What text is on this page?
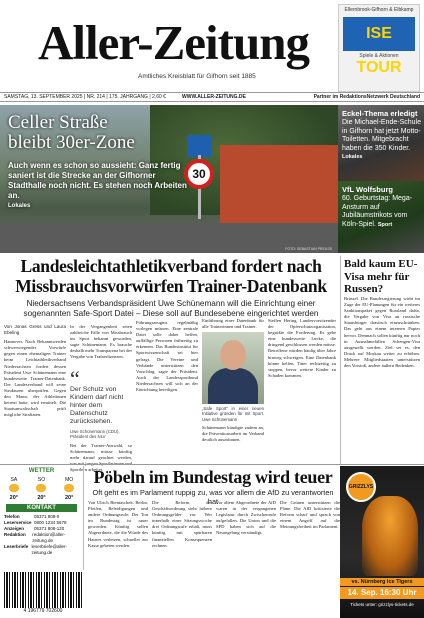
Aller-Zeitung
Amtliches Kreisblatt für Gifhorn seit 1885
Ellernbrook-Gifhorn & Elbkamp
ISE TOUR
Spiele & Aktionen
SAMSTAG, 13. SEPTEMBER 2025 | NR. 214 | 175. JAHRGANG | 2,60 €	WWW.ALLER-ZEITUNG.DE	Partner im RedaktionsNetzwerk Deutschland
30
Celler Straße
bleibt 30er-Zone
Auch wenn es schon so aussieht: Ganz fertig saniert ist die Strecke an der Gifhorner Stadthalle noch nicht. Es stehen noch Arbeiten an.
Lokales
FOTO: SEBASTIAN PREUSS
Eckel-Thema erledigt
Die Michael-Ende-Schule in Gifhorn hat jetzt Motto-Toiletten. Mitgebracht haben die 350 Kinder. Lokales
VfL Wolfsburg
60. Geburtstag: Mega-Ansturm auf Jubiläumstrikots vom Köln-Spiel. Sport
Landesleichtathletikverband fordert nach
Missbrauchsvorwürfen Trainer-Datenbank
Niedersachsens Verbandspräsident Uwe Schünemann will die Einrichtung einer sogenannten Safe-Sport Datei – Diese soll auf Bundesebene eingerichtet werden
Von Jonas Gress und Laura Ebeling
Hannover. Nach Bekanntwerden schwerwiegender Vorwürfe gegen einen ehemaligen Trainer beim Leichtathletikverband Niedersachsen fordert dessen Präsident Uwe Schünemann eine bundesweite Trainer-Datenbank. Der Landesverband will seine Strukturen überprüfen. Gegen den Mann, der Athletinnen betreut hatte, wird ermittelt. Die Staatsanwaltschaft prüft mögliche Straftaten.
In der Vergangenheit seien zahlreiche Fälle von Missbrauch im Sport bekannt geworden, sagte Schünemann. Es brauche deshalb mehr Transparenz bei der Vergabe von Trainerlizenzen.
“
Der Schutz von Kindern darf nicht hinter dem Datenschutz zurückstehen.
Uwe Schünemann (CDU), Präsident des NLV
Bei der Trainer-Auswahl, so Schünemann, müsse künftig mehr darauf geachtet werden, Sportlern arbeitet.
Führungszeugnis regelmäßig vorlegen müssen. Eine zentrale Datei solle dabei helfen, auffällige Personen frühzeitig zu erkennen. Das Bundesinstitut für Sportwissenschaft sei hier gefragt. Die Vereine und Verbände unterstützen den Vorschlag, sagte der Präsident. Auch der Landessportbund Niedersachsen will sich an der Einrichtung beteiligen.
Einführung einer Datenbank für alle Trainerinnen und Trainer.
„Safe Sport“ in einer neuen Initiative gründen für mit Sport. Uwe Schünemann
Schünemann kündigte zudem an, die Präventionsarbeit im Verband deutlich auszubauen.
Steffen Hering, Landesvorsitzender der Opferschutzorganisation, begrüßte die Forderung. Es gebe eine bundesweite Lücke, die dringend geschlossen werden müsse. Betroffene würden häufig über Jahre hinweg schweigen. Eine Datenbank könne helfen, Täter rechtzeitig zu stoppen, bevor weitere Kinder zu Schaden kommen.
Bald kaum EU-Visa mehr für Russen?
Brüssel. Die Bundesregierung wirbt im Zuge der EU-Planungen für ein weiteres Sanktionspaket gegen Russland dafür, die Vergabe von Visa an russische Staatsbürger drastisch einzuschränken. Das geht aus einem internen Papier hervor. Demnach sollen künftig nur noch in Ausnahmefällen Schengen-Visa ausgestellt werden. Ziel sei es, den Druck auf Moskau weiter zu erhöhen. Mehrere Mitgliedstaaten unterstützen den Vorstoß, andere äußern Bedenken.
WETTER
SA
20°
SO
20°
MO
20°
KONTAKT
Telefon	05371 808-0
Leserservice 0800 1234 5678
Anzeigen	05371 808-120
Redaktion	redaktion@aller-zeitung.de
Leserbriefe leserbriefe@aller-zeitung.de
4 196779 702600
Pöbeln im Bundestag wird teuer
Oft geht es im Parlament ruppig zu, was vor allem die AfD zu verantworten hat
Von Ulrich Bieniaschek. Berlin. Pfeifen, Beleidigungen und andere Ordnungsrufe: Der Ton im Bundestag ist rauer geworden. Künftig sollen Abgeordnete, die die Würde des Hauses verletzen, schneller zur Kasse gebeten werden.
Die Reform der Geschäftsordnung sieht höhere Ordnungsgelder vor. Wer innerhalb einer Sitzungswoche drei Ordnungsrufe erhält, muss künftig mit spürbaren finanziellen Konsequenzen rechnen.
Vor allem Abgeordnete der AfD waren in der vergangenen Legislatur durch Zwischenrufe aufgefallen. Die Union und die SPD haben sich auf die Neuregelung verständigt.
Die Grünen unterstützen die Pläne. Die AfD kritisierte die Reform scharf und sprach von einem Angriff auf die Meinungsfreiheit im Parlament.
GRIZZLYS
vs. Nürnberg Ice Tigers
14. Sep. 16:30 Uhr
Tickets unter: grizzlys-tickets.de
